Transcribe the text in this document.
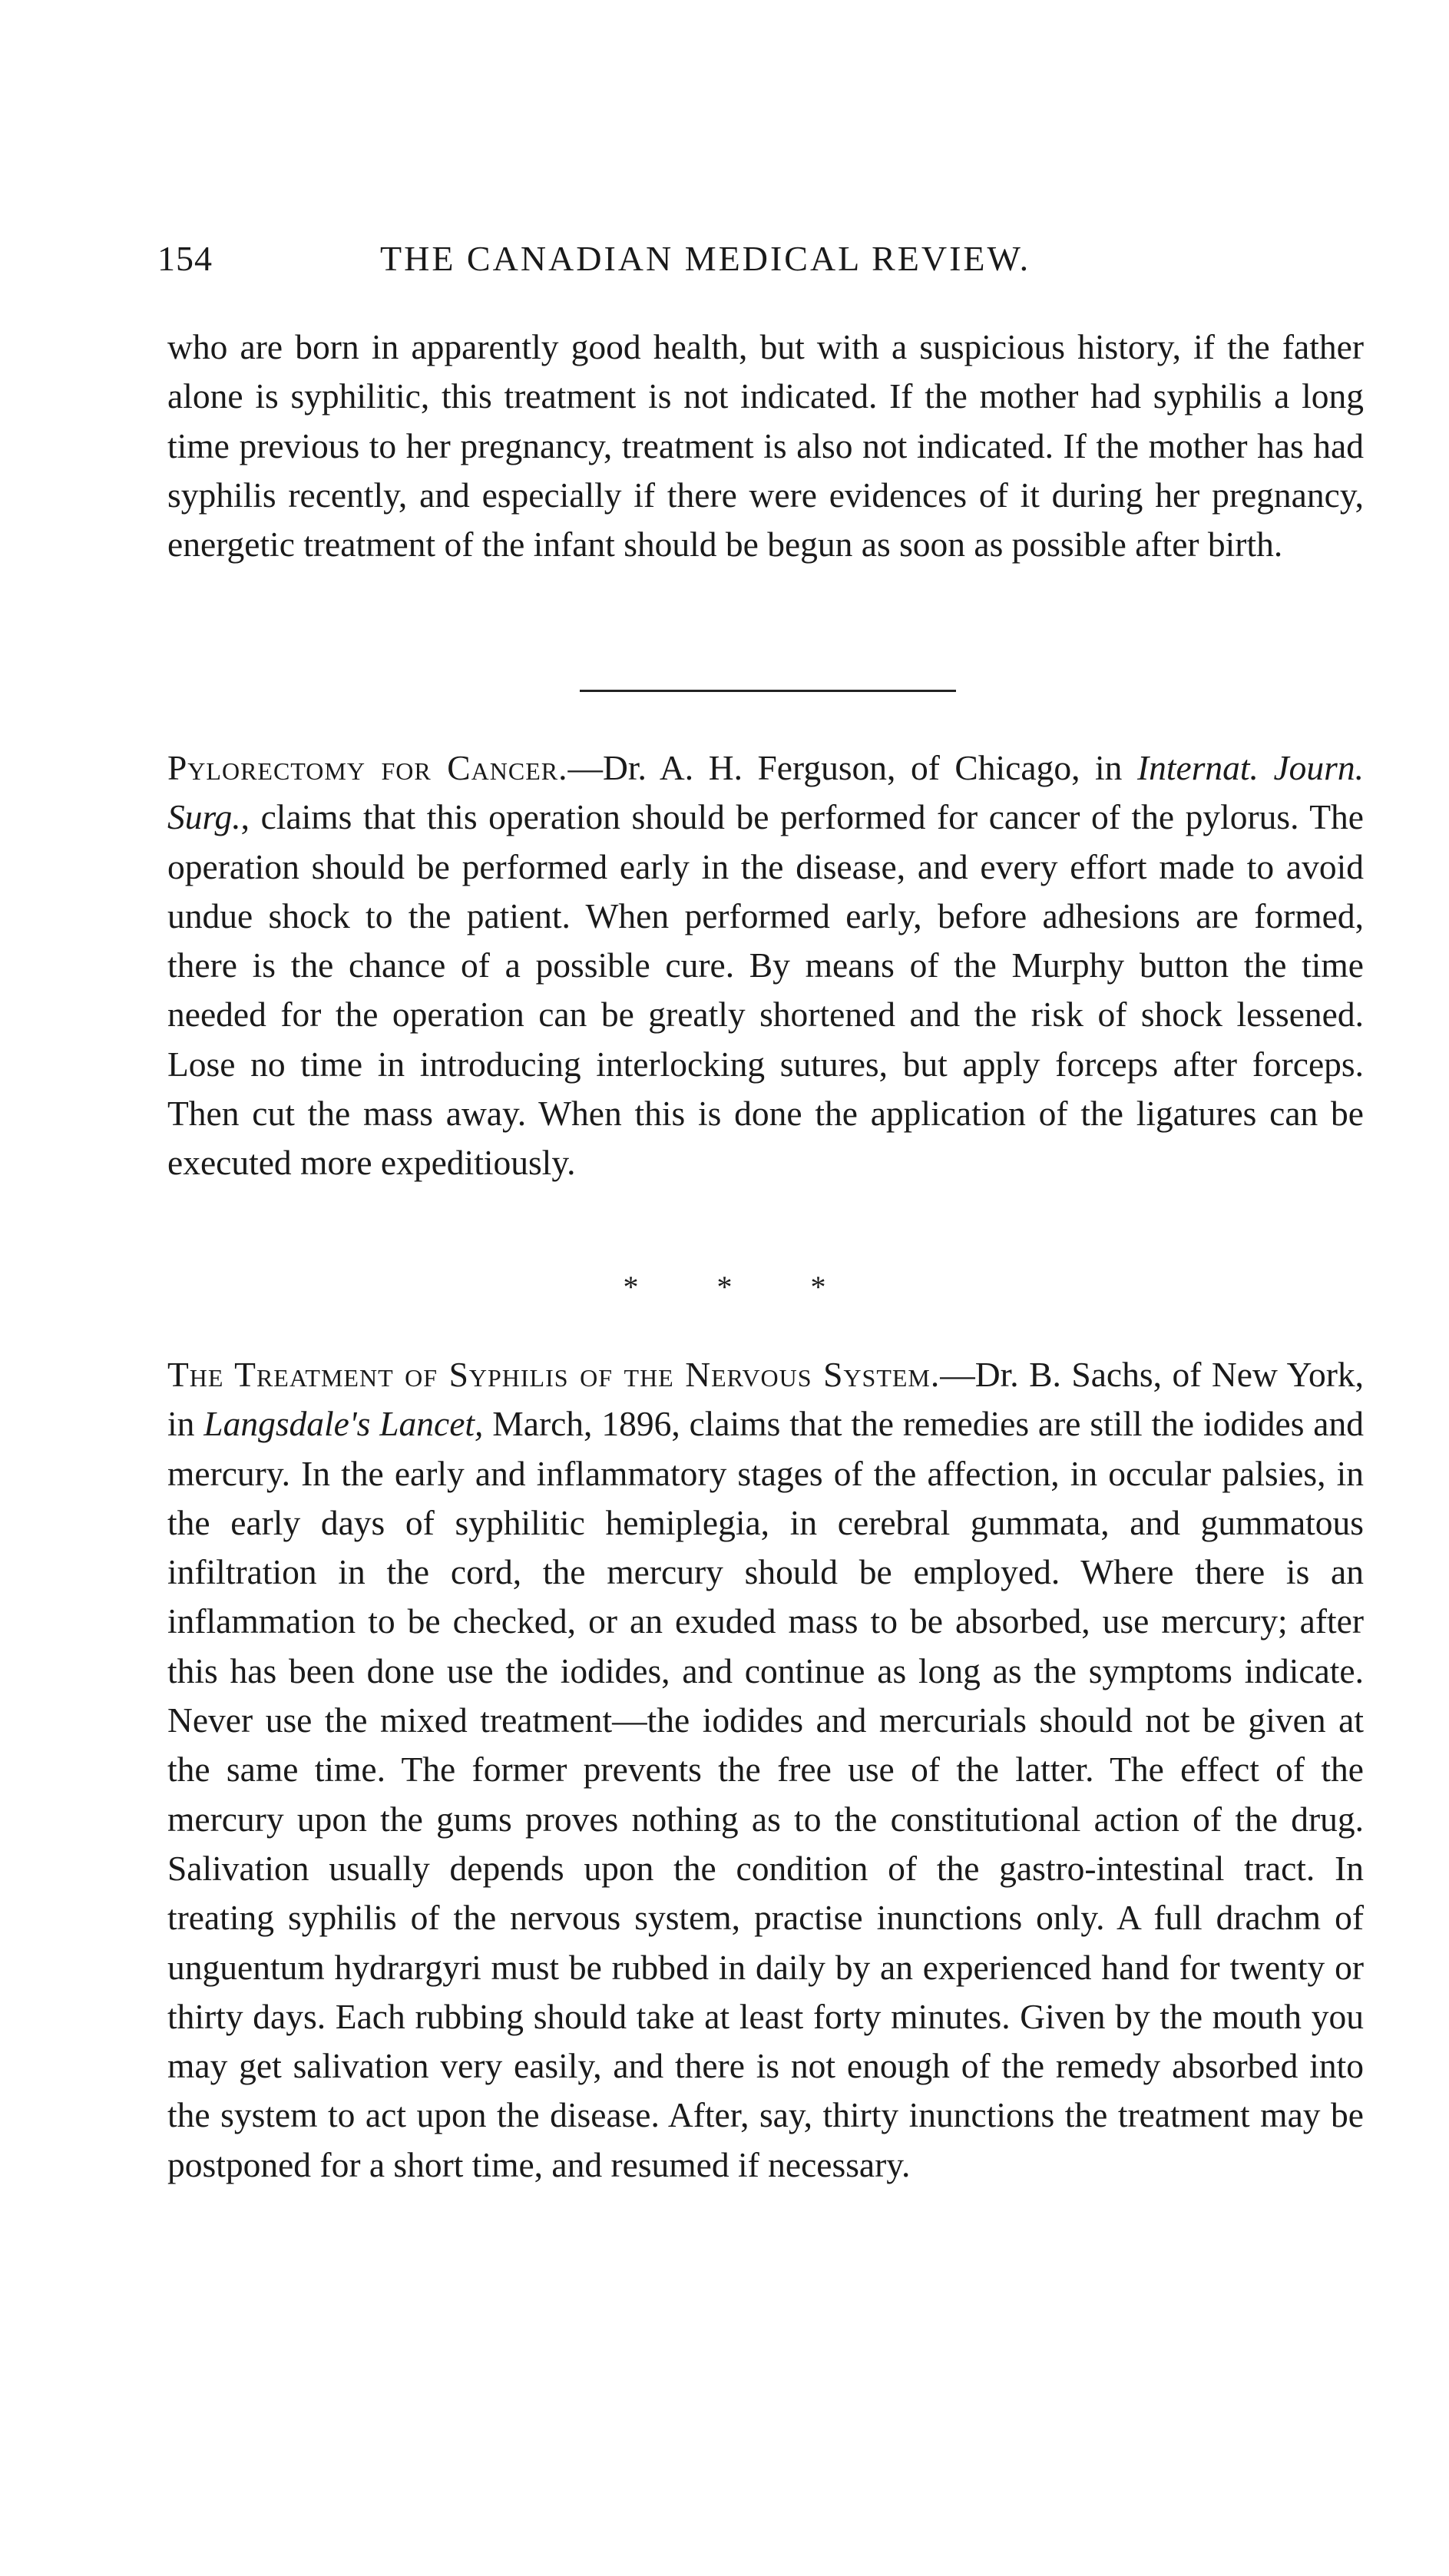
154	THE CANADIAN MEDICAL REVIEW.

who are born in apparently good health, but with a suspicious history, if the father alone is syphilitic, this treatment is not indicated. If the mother had syphilis a long time previous to her pregnancy, treatment is also not indicated. If the mother has had syphilis recently, and especially if there were evidences of it during her pregnancy, energetic treatment of the infant should be begun as soon as possible after birth.

Pylorectomy for Cancer.—Dr. A. H. Ferguson, of Chicago, in Internat. Journ. Surg., claims that this operation should be performed for cancer of the pylorus. The operation should be performed early in the disease, and every effort made to avoid undue shock to the patient. When performed early, before adhesions are formed, there is the chance of a possible cure. By means of the Murphy button the time needed for the operation can be greatly shortened and the risk of shock lessened. Lose no time in introducing interlocking sutures, but apply forceps after forceps. Then cut the mass away. When this is done the application of the ligatures can be executed more expeditiously.

* * *

The Treatment of Syphilis of the Nervous System.—Dr. B. Sachs, of New York, in Langsdale's Lancet, March, 1896, claims that the remedies are still the iodides and mercury. In the early and inflammatory stages of the affection, in occular palsies, in the early days of syphilitic hemiplegia, in cerebral gummata, and gummatous infiltration in the cord, the mercury should be employed. Where there is an inflammation to be checked, or an exuded mass to be absorbed, use mercury; after this has been done use the iodides, and continue as long as the symptoms indicate. Never use the mixed treatment—the iodides and mercurials should not be given at the same time. The former prevents the free use of the latter. The effect of the mercury upon the gums proves nothing as to the constitutional action of the drug. Salivation usually depends upon the condition of the gastro-intestinal tract. In treating syphilis of the nervous system, practise inunctions only. A full drachm of unguentum hydrargyri must be rubbed in daily by an experienced hand for twenty or thirty days. Each rubbing should take at least forty minutes. Given by the mouth you may get salivation very easily, and there is not enough of the remedy absorbed into the system to act upon the disease. After, say, thirty inunctions the treatment may be postponed for a short time, and resumed if necessary.
